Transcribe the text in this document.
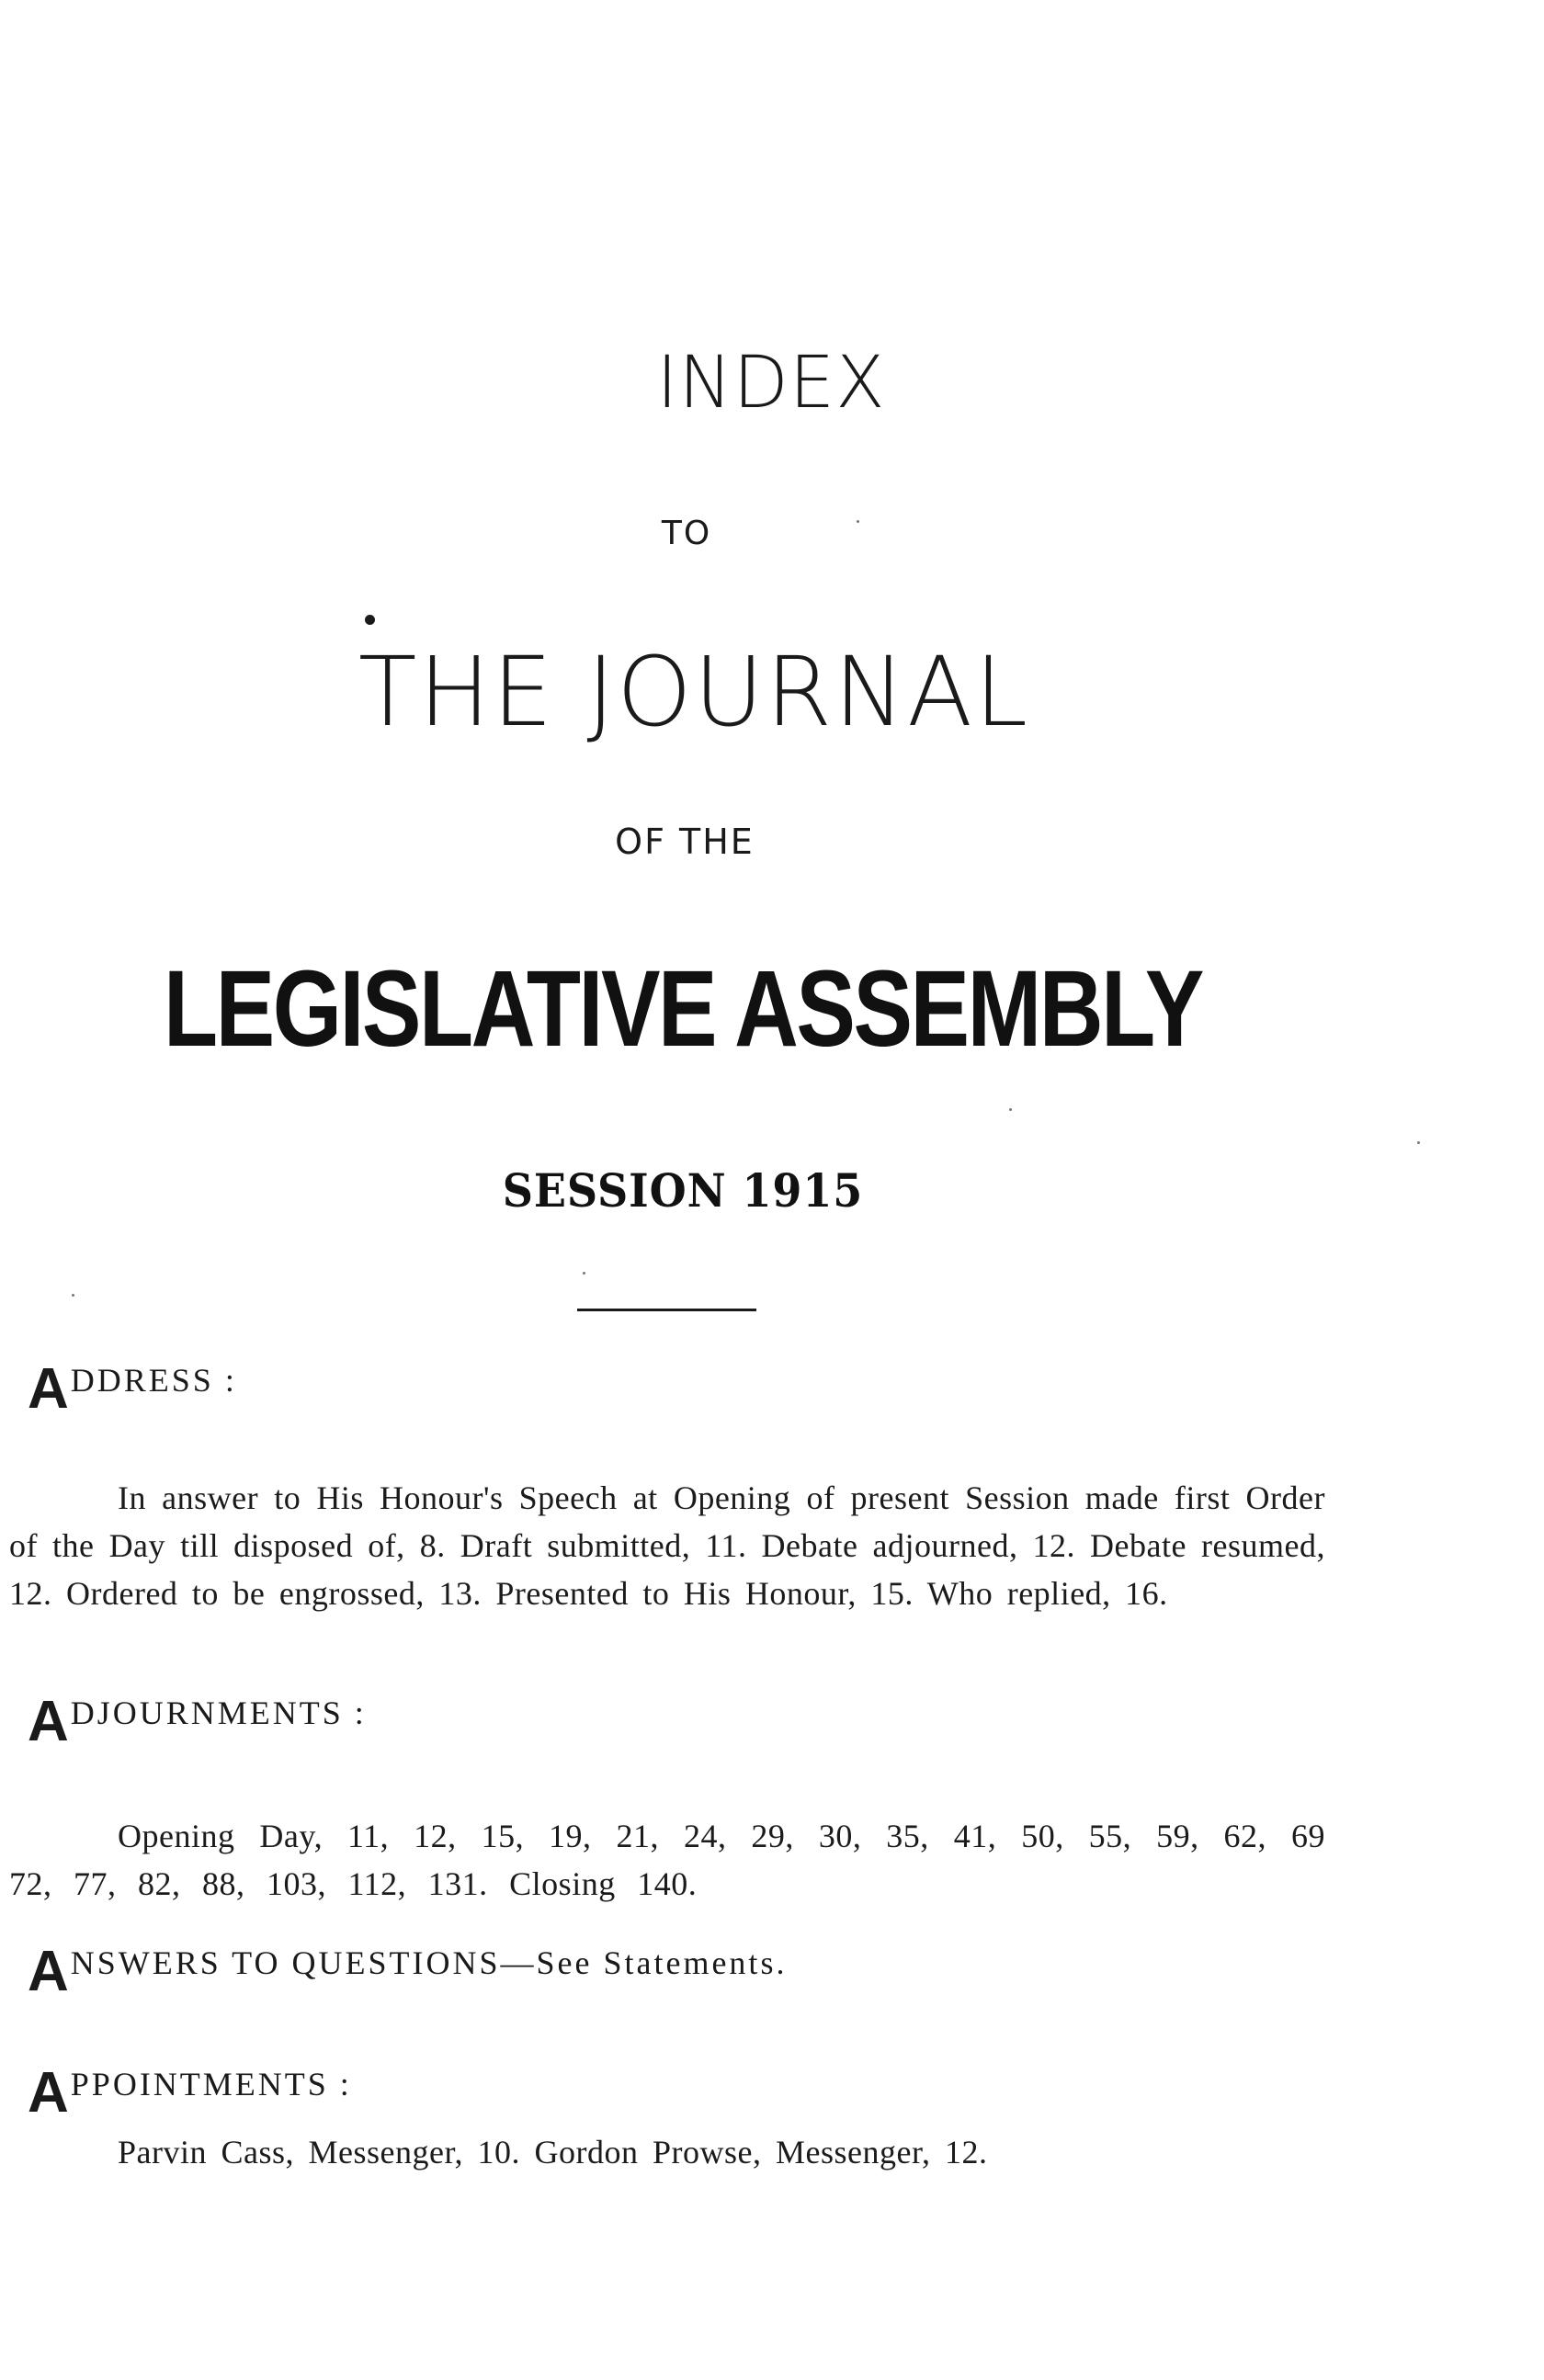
INDEX
TO
THE JOURNAL
OF THE
LEGISLATIVE ASSEMBLY
SESSION 1915
ADDRESS :
In answer to His Honour's Speech at Opening of present Session made first Order of the Day till disposed of, 8. Draft submitted, 11. Debate adjourned, 12. Debate resumed, 12. Ordered to be engrossed, 13. Presented to His Honour, 15. Who replied, 16.
ADJOURNMENTS :
Opening Day, 11, 12, 15, 19, 21, 24, 29, 30, 35, 41, 50, 55, 59, 62, 69 72, 77, 82, 88, 103, 112, 131. Closing 140.
ANSWERS TO QUESTIONS—See Statements.
APPOINTMENTS :
Parvin Cass, Messenger, 10. Gordon Prowse, Messenger, 12.
